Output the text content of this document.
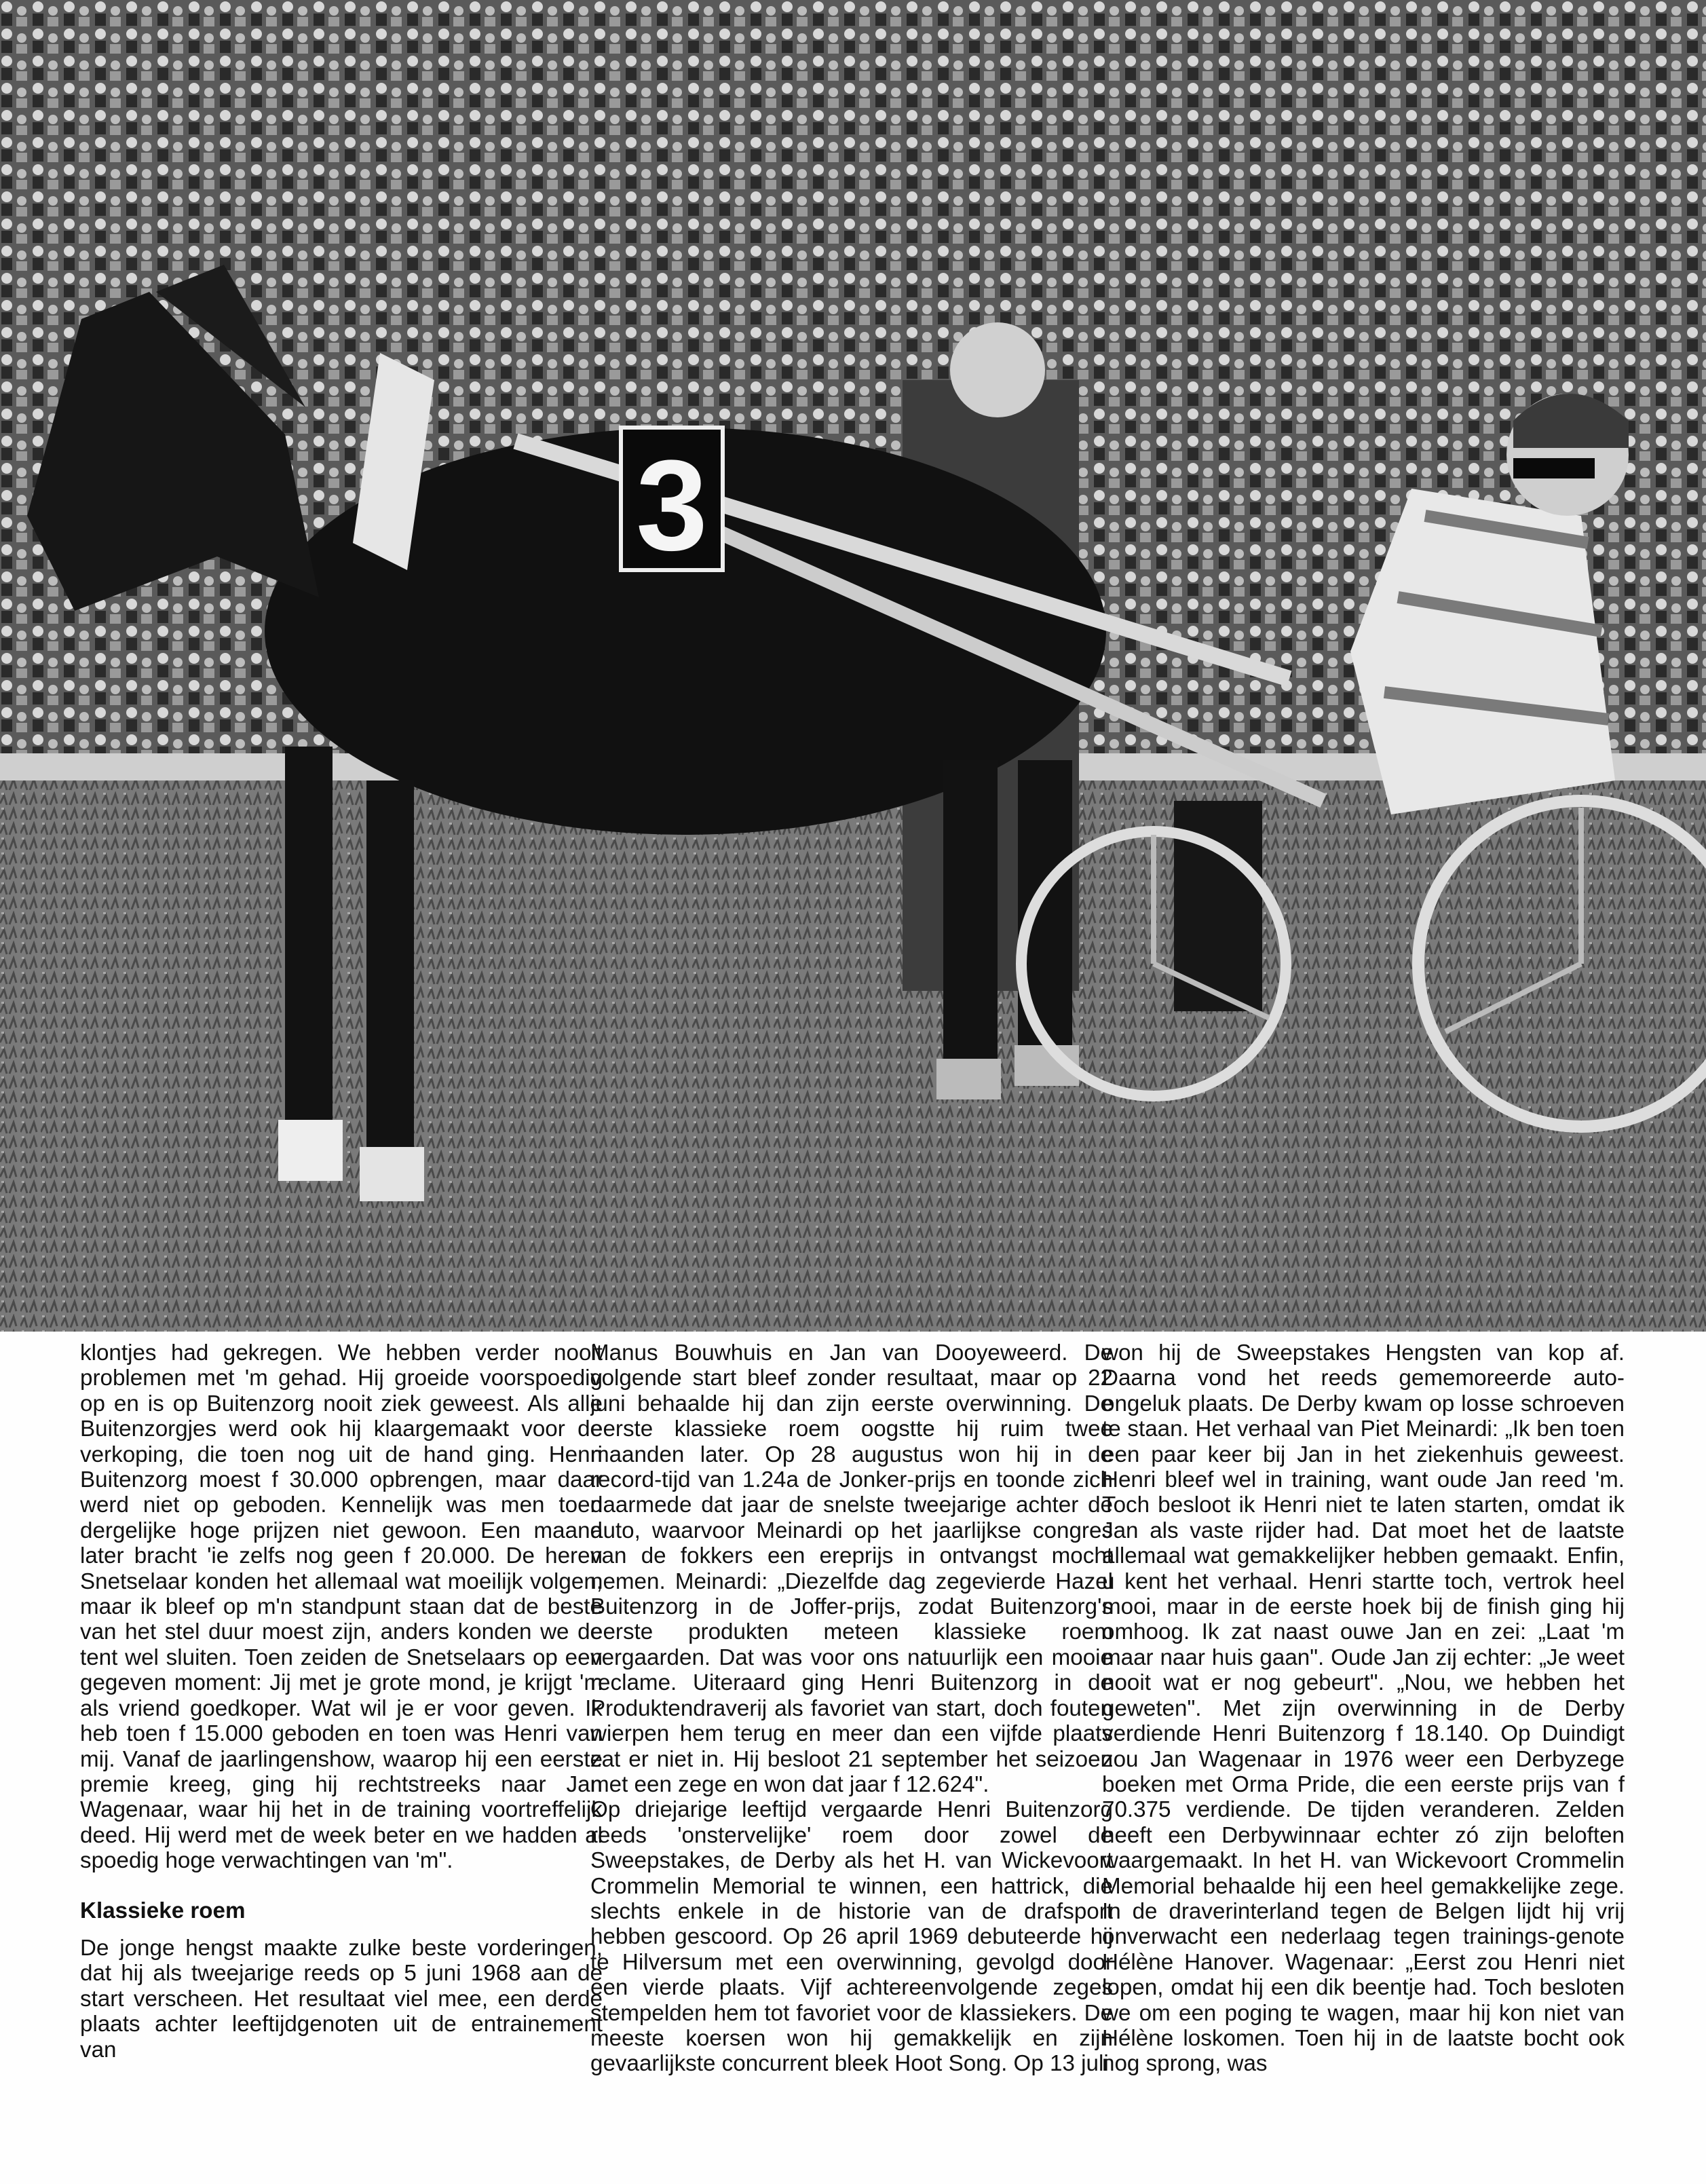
3

klontjes had gekregen. We hebben verder nooit problemen met 'm gehad. Hij groeide voorspoedig op en is op Buitenzorg nooit ziek geweest. Als alle Buitenzorgjes werd ook hij klaargemaakt voor de verkoping, die toen nog uit de hand ging. Henri Buitenzorg moest f 30.000 opbrengen, maar daar werd niet op geboden. Kennelijk was men toen dergelijke hoge prijzen niet gewoon. Een maand later bracht 'ie zelfs nog geen f 20.000. De heren Snetselaar konden het allemaal wat moeilijk volgen, maar ik bleef op m'n standpunt staan dat de beste van het stel duur moest zijn, anders konden we de tent wel sluiten. Toen zeiden de Snetselaars op een gegeven moment: Jij met je grote mond, je krijgt 'm als vriend goedkoper. Wat wil je er voor geven. Ik heb toen f 15.000 geboden en toen was Henri van mij. Vanaf de jaarlingenshow, waarop hij een eerste premie kreeg, ging hij rechtstreeks naar Jan Wagenaar, waar hij het in de training voortreffelijk deed. Hij werd met de week beter en we hadden al spoedig hoge verwachtingen van 'm".

Klassieke roem

De jonge hengst maakte zulke beste vorderingen, dat hij als tweejarige reeds op 5 juni 1968 aan de start verscheen. Het resultaat viel mee, een derde plaats achter leeftijdgenoten uit de entrainement van

Manus Bouwhuis en Jan van Dooyeweerd. De volgende start bleef zonder resultaat, maar op 22 juni behaalde hij dan zijn eerste overwinning. De eerste klassieke roem oogstte hij ruim twee maanden later. Op 28 augustus won hij in de record-tijd van 1.24a de Jonker-prijs en toonde zich daarmede dat jaar de snelste tweejarige achter de auto, waarvoor Meinardi op het jaarlijkse congres van de fokkers een ereprijs in ontvangst mocht nemen. Meinardi: „Diezelfde dag zegevierde Hazel Buitenzorg in de Joffer-prijs, zodat Buitenzorg's eerste produkten meteen klassieke roem vergaarden. Dat was voor ons natuurlijk een mooie reclame. Uiteraard ging Henri Buitenzorg in de Produktendraverij als favoriet van start, doch fouten wierpen hem terug en meer dan een vijfde plaats zat er niet in. Hij besloot 21 september het seizoen met een zege en won dat jaar f 12.624".

Op driejarige leeftijd vergaarde Henri Buitenzorg reeds 'onstervelijke' roem door zowel de Sweepstakes, de Derby als het H. van Wickevoort Crommelin Memorial te winnen, een hattrick, die slechts enkele in de historie van de drafsport hebben gescoord. Op 26 april 1969 debuteerde hij te Hilversum met een overwinning, gevolgd door een vierde plaats. Vijf achtereenvolgende zeges stempelden hem tot favoriet voor de klassiekers. De meeste koersen won hij gemakkelijk en zijn gevaarlijkste concurrent bleek Hoot Song. Op 13 juli

won hij de Sweepstakes Hengsten van kop af. Daarna vond het reeds gememoreerde auto-ongeluk plaats. De Derby kwam op losse schroeven te staan. Het verhaal van Piet Meinardi: „Ik ben toen een paar keer bij Jan in het ziekenhuis geweest. Henri bleef wel in training, want oude Jan reed 'm. Toch besloot ik Henri niet te laten starten, omdat ik Jan als vaste rijder had. Dat moet het de laatste allemaal wat gemakkelijker hebben gemaakt. Enfin, u kent het verhaal. Henri startte toch, vertrok heel mooi, maar in de eerste hoek bij de finish ging hij omhoog. Ik zat naast ouwe Jan en zei: „Laat 'm maar naar huis gaan". Oude Jan zij echter: „Je weet nooit wat er nog gebeurt". „Nou, we hebben het geweten". Met zijn overwinning in de Derby verdiende Henri Buitenzorg f 18.140. Op Duindigt zou Jan Wagenaar in 1976 weer een Derbyzege boeken met Orma Pride, die een eerste prijs van f 70.375 verdiende. De tijden veranderen. Zelden heeft een Derbywinnaar echter zó zijn beloften waargemaakt. In het H. van Wickevoort Crommelin Memorial behaalde hij een heel gemakkelijke zege. In de draverinterland tegen de Belgen lijdt hij vrij onverwacht een nederlaag tegen trainings-genote Hélène Hanover. Wagenaar: „Eerst zou Henri niet lopen, omdat hij een dik beentje had. Toch besloten we om een poging te wagen, maar hij kon niet van Hélène loskomen. Toen hij in de laatste bocht ook nog sprong, was
